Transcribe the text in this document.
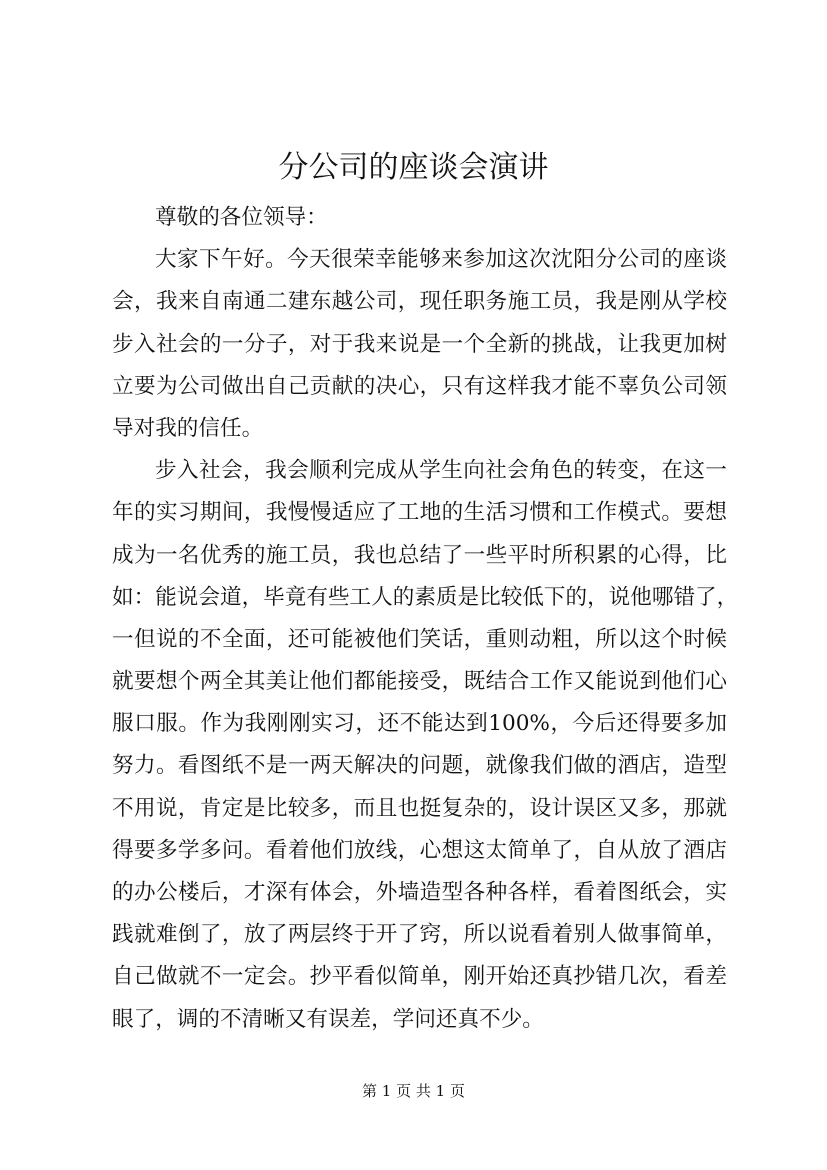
分公司的座谈会演讲
尊敬的各位领导：
大家下午好。今天很荣幸能够来参加这次沈阳分公司的座谈
会，我来自南通二建东越公司，现任职务施工员，我是刚从学校
步入社会的一分子，对于我来说是一个全新的挑战，让我更加树
立要为公司做出自己贡献的决心，只有这样我才能不辜负公司领
导对我的信任。
步入社会，我会顺利完成从学生向社会角色的转变，在这一
年的实习期间，我慢慢适应了工地的生活习惯和工作模式。要想
成为一名优秀的施工员，我也总结了一些平时所积累的心得，比
如：能说会道，毕竟有些工人的素质是比较低下的，说他哪错了，
一但说的不全面，还可能被他们笑话，重则动粗，所以这个时候
就要想个两全其美让他们都能接受，既结合工作又能说到他们心
服口服。作为我刚刚实习，还不能达到100%，今后还得要多加
努力。看图纸不是一两天解决的问题，就像我们做的酒店，造型
不用说，肯定是比较多，而且也挺复杂的，设计误区又多，那就
得要多学多问。看着他们放线，心想这太简单了，自从放了酒店
的办公楼后，才深有体会，外墙造型各种各样，看着图纸会，实
践就难倒了，放了两层终于开了窍，所以说看着别人做事简单，
自己做就不一定会。抄平看似简单，刚开始还真抄错几次，看差
眼了，调的不清晰又有误差，学问还真不少。
第 1 页 共 1 页
